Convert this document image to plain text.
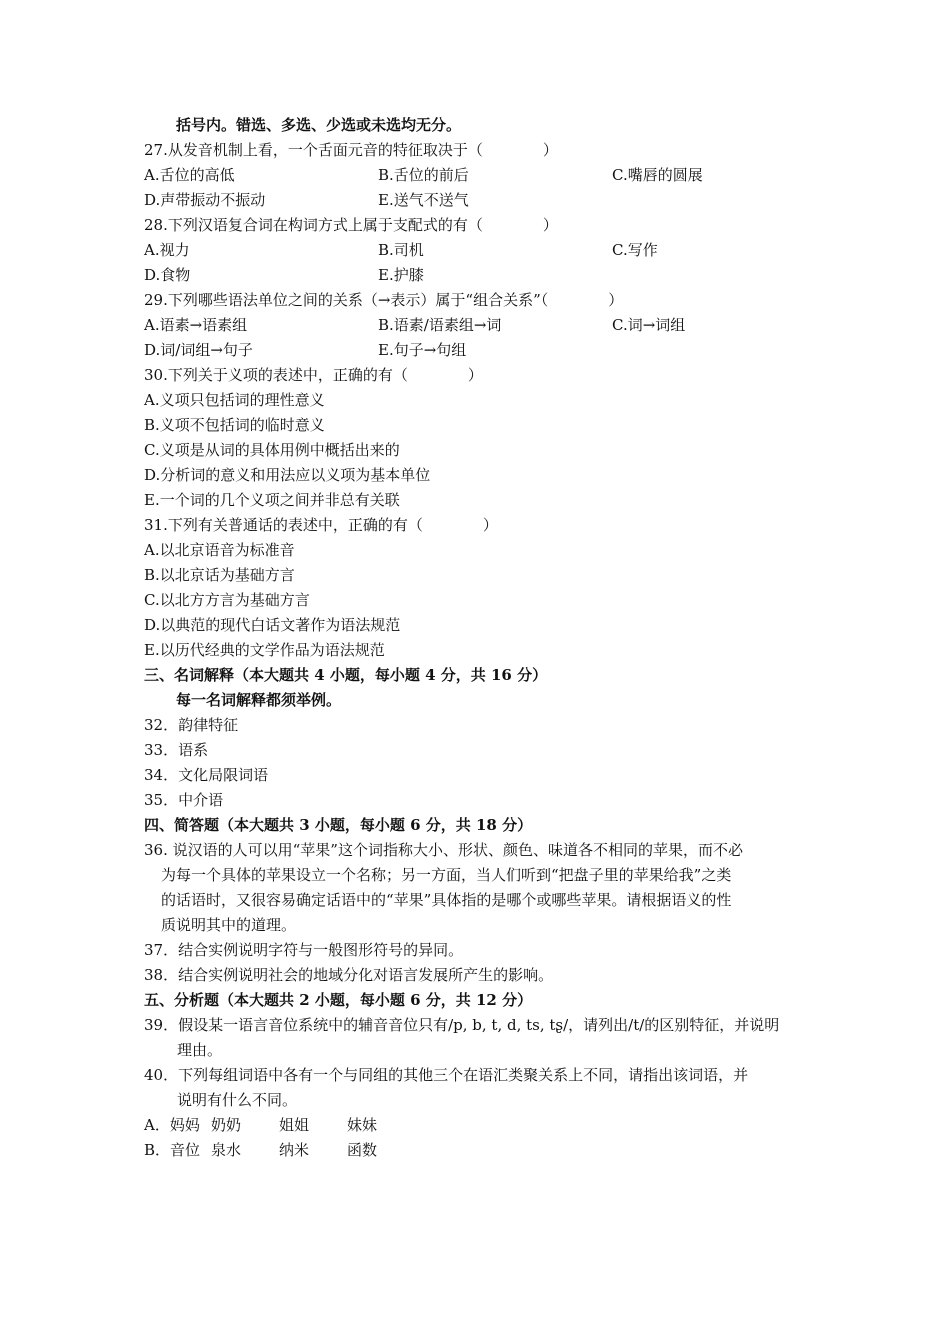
括号内。错选、多选、少选或未选均无分。
27.从发音机制上看，一个舌面元音的特征取决于（　　　　）
A.舌位的高低	B.舌位的前后	C.嘴唇的圆展
D.声带振动不振动	E.送气不送气
28.下列汉语复合词在构词方式上属于支配式的有（　　　　）
A.视力	B.司机	C.写作
D.食物	E.护膝
29.下列哪些语法单位之间的关系（→表示）属于“组合关系”（　　　　）
A.语素→语素组	B.语素/语素组→词	C.词→词组
D.词/词组→句子	E.句子→句组
30.下列关于义项的表述中，正确的有（　　　　）
A.义项只包括词的理性意义
B.义项不包括词的临时意义
C.义项是从词的具体用例中概括出来的
D.分析词的意义和用法应以义项为基本单位
E.一个词的几个义项之间并非总有关联
31.下列有关普通话的表述中，正确的有（　　　　）
A.以北京语音为标准音
B.以北京话为基础方言
C.以北方方言为基础方言
D.以典范的现代白话文著作为语法规范
E.以历代经典的文学作品为语法规范
三、名词解释（本大题共 4 小题，每小题 4 分，共 16 分）
每一名词解释都须举例。
32．韵律特征
33．语系
34．文化局限词语
35．中介语
四、简答题（本大题共 3 小题，每小题 6 分，共 18 分）
36. 说汉语的人可以用“苹果”这个词指称大小、形状、颜色、味道各不相同的苹果，而不必
为每一个具体的苹果设立一个名称；另一方面，当人们听到“把盘子里的苹果给我”之类
的话语时，又很容易确定话语中的“苹果”具体指的是哪个或哪些苹果。请根据语义的性
质说明其中的道理。
37．结合实例说明字符与一般图形符号的异同。
38．结合实例说明社会的地域分化对语言发展所产生的影响。
五、分析题（本大题共 2 小题，每小题 6 分，共 12 分）
39．假设某一语言音位系统中的辅音音位只有/p, b, t, d, ts, tʂ/，请列出/t/的区别特征，并说明
理由。
40．下列每组词语中各有一个与同组的其他三个在语汇类聚关系上不同，请指出该词语，并
说明有什么不同。
A．妈妈 奶奶	姐姐	妹妹
B．音位 泉水	纳米	函数
